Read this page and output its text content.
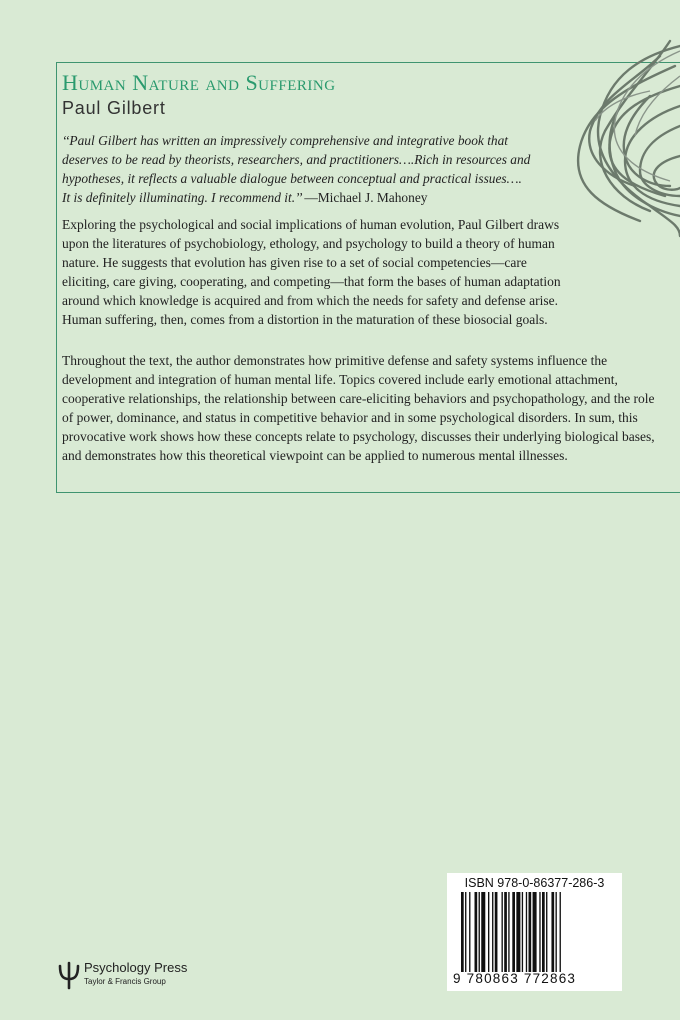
Human Nature and Suffering

Paul Gilbert

‘‘Paul Gilbert has written an impressively comprehensive and integrative book that deserves to be read by theorists, researchers, and practitioners….Rich in resources and hypotheses, it reflects a valuable dialogue between conceptual and practical issues…. It is definitely illuminating. I recommend it.’’ —Michael J. Mahoney

Exploring the psychological and social implications of human evolution, Paul Gilbert draws upon the literatures of psychobiology, ethology, and psychology to build a theory of human nature. He suggests that evolution has given rise to a set of social competencies—care eliciting, care giving, cooperating, and competing—that form the bases of human adaptation around which knowledge is acquired and from which the needs for safety and defense arise. Human suffering, then, comes from a distortion in the maturation of these biosocial goals.

Throughout the text, the author demonstrates how primitive defense and safety systems influence the development and integration of human mental life. Topics covered include early emotional attachment, cooperative relationships, the relationship between care-eliciting behaviors and psychopathology, and the role of power, dominance, and status in competitive behavior and in some psychological disorders. In sum, this provocative work shows how these concepts relate to psychology, discusses their underlying biological bases, and demonstrates how this theoretical viewpoint can be applied to numerous mental illnesses.

ISBN 978-0-86377-286-3
9 780863 772863

Psychology Press

Taylor & Francis Group
